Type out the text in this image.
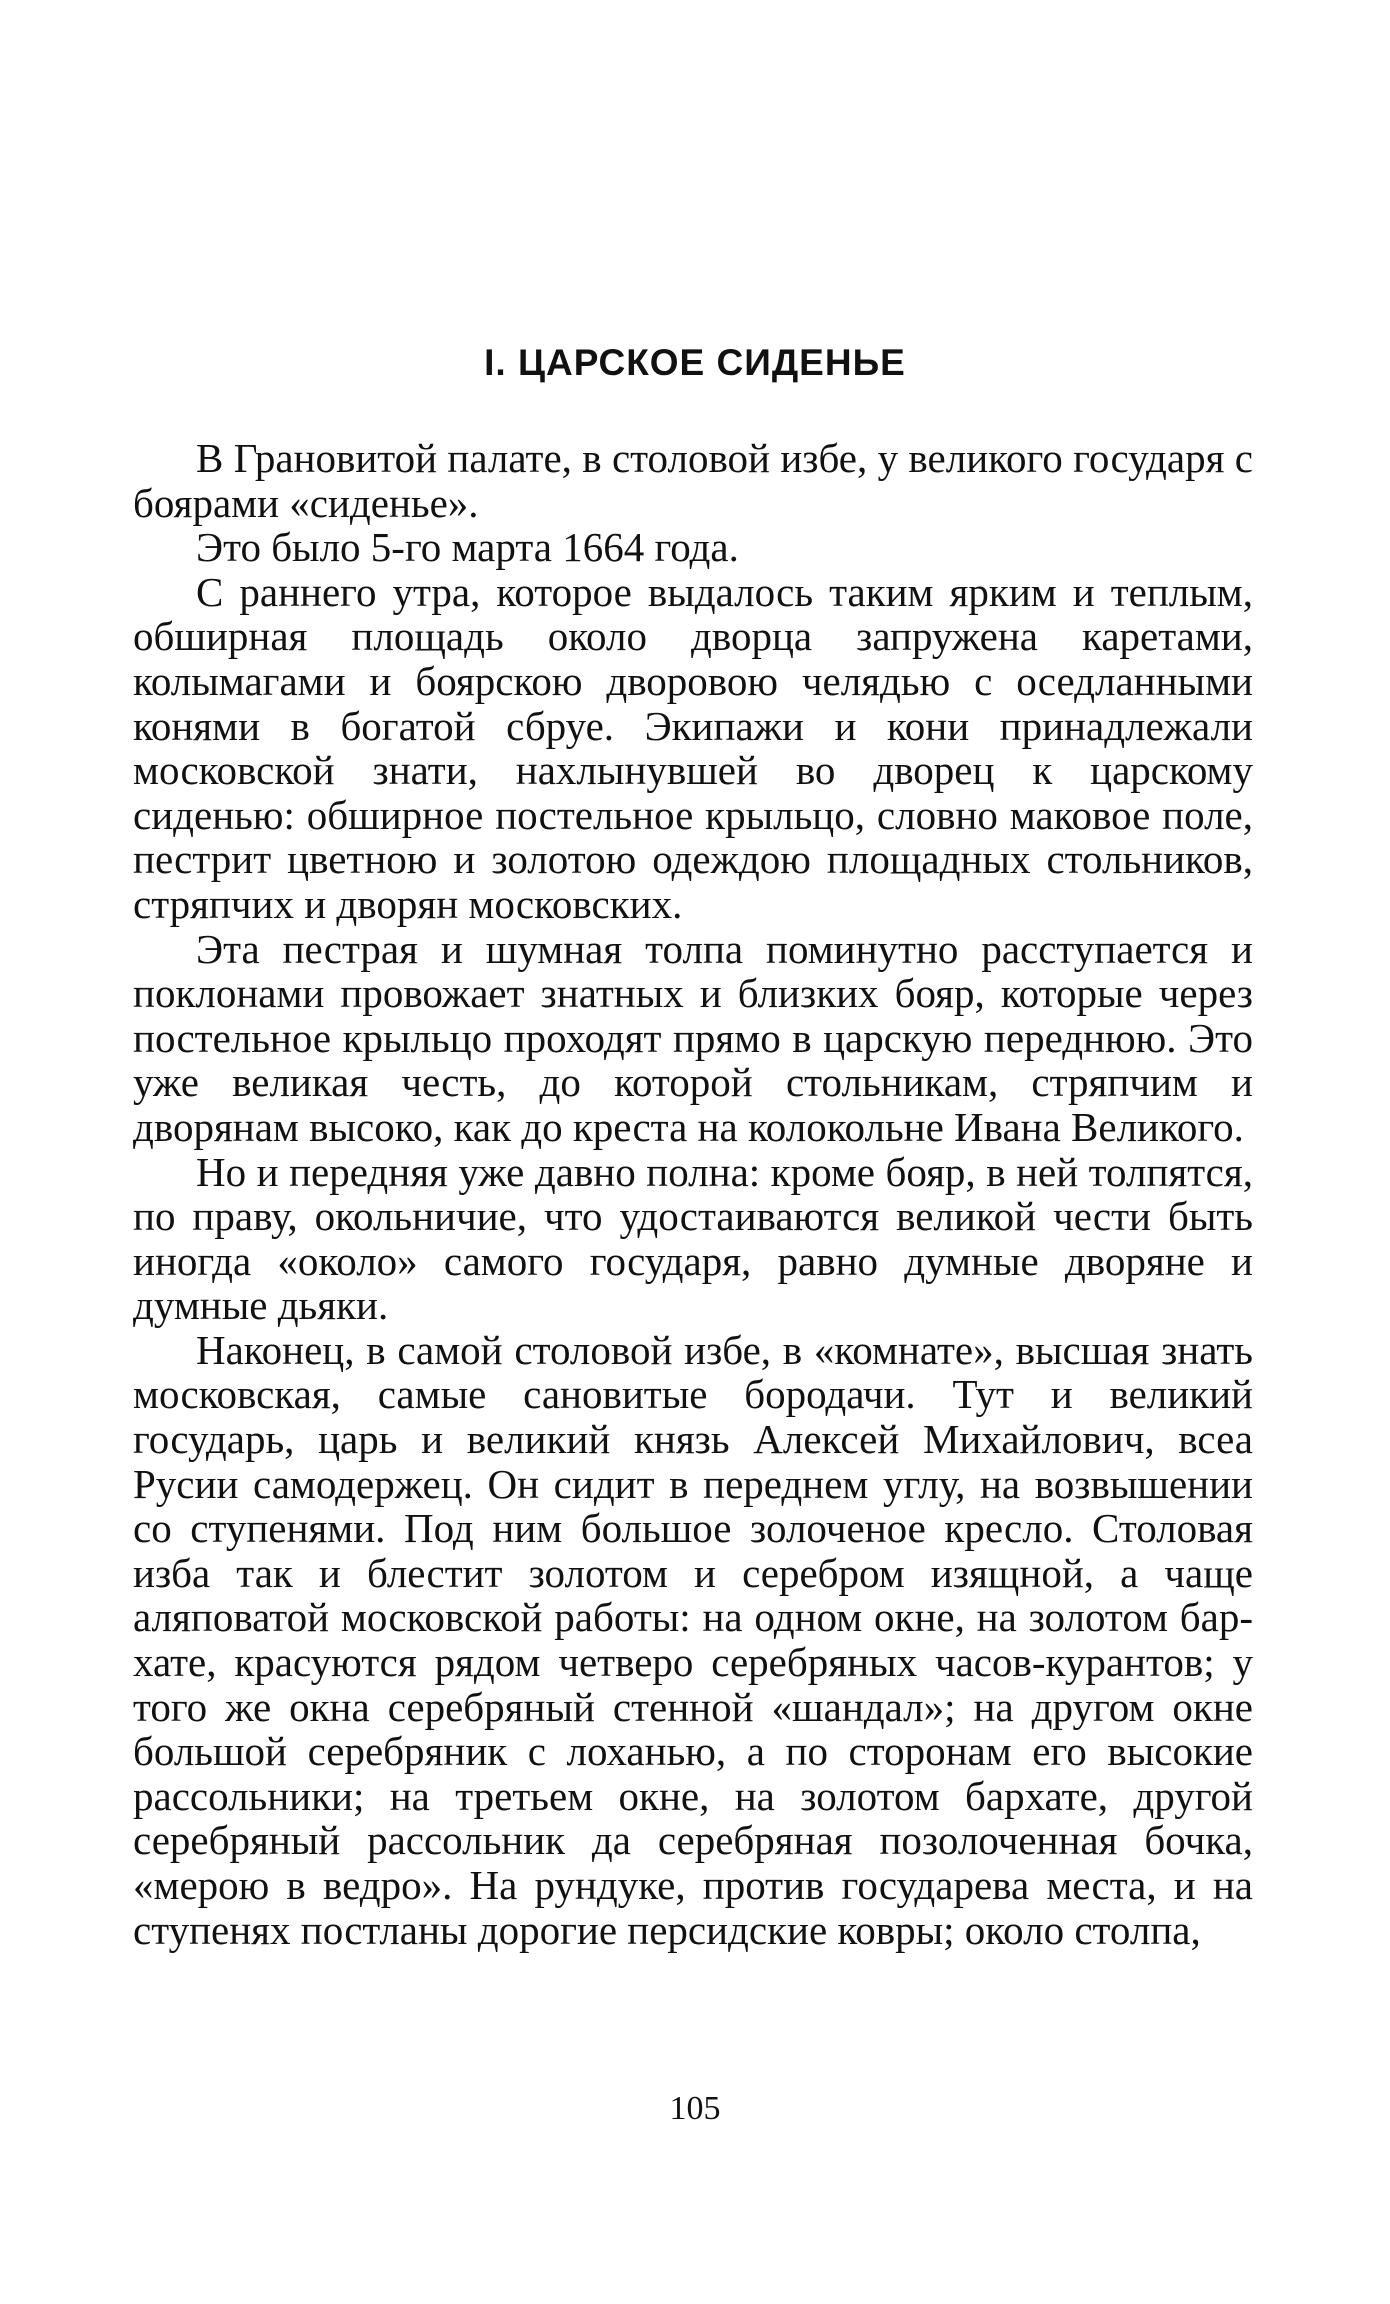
I. ЦАРСКОЕ СИДЕНЬЕ

В Грановитой палате, в столовой избе, у великого государя с боярами «сиденье».

Это было 5-го марта 1664 года.

С раннего утра, которое выдалось таким ярким и теплым, обширная площадь около дворца запружена каретами, колымагами и боярскою дворовою челядью с оседланными конями в богатой сбруе. Экипажи и кони принадлежали московской знати, нахлынувшей во дворец к царскому сиденью: обширное постельное крыльцо, словно маковое поле, пестрит цветною и золотою одеждою площадных стольников, стряпчих и дворян московских.

Эта пестрая и шумная толпа поминутно расступается и поклонами провожает знатных и близких бояр, которые через постельное крыльцо проходят прямо в царскую переднюю. Это уже великая честь, до которой стольникам, стряпчим и дворянам высоко, как до креста на колокольне Ивана Великого.

Но и передняя уже давно полна: кроме бояр, в ней толпятся, по праву, окольничие, что удостаиваются великой чести быть иногда «около» самого государя, равно думные дворяне и думные дьяки.

Наконец, в самой столовой избе, в «комнате», высшая знать московская, самые сановитые бородачи. Тут и великий государь, царь и великий князь Алексей Михайлович, всеа Русии самодержец. Он сидит в переднем углу, на возвышении со ступенями. Под ним большое золоченое кресло. Столовая изба так и блестит золотом и серебром изящной, а чаще аляповатой московской работы: на одном окне, на золотом бархате, красуются рядом четверо серебряных часов-курантов; у того же окна серебряный стенной «шандал»; на другом окне большой серебряник с лоханью, а по сторонам его высокие рассольники; на третьем окне, на золотом бархате, другой серебряный рассольник да серебряная позолоченная бочка, «мерою в ведро». На рундуке, против государева места, и на ступенях постланы дорогие персидские ковры; около столпа,

105
